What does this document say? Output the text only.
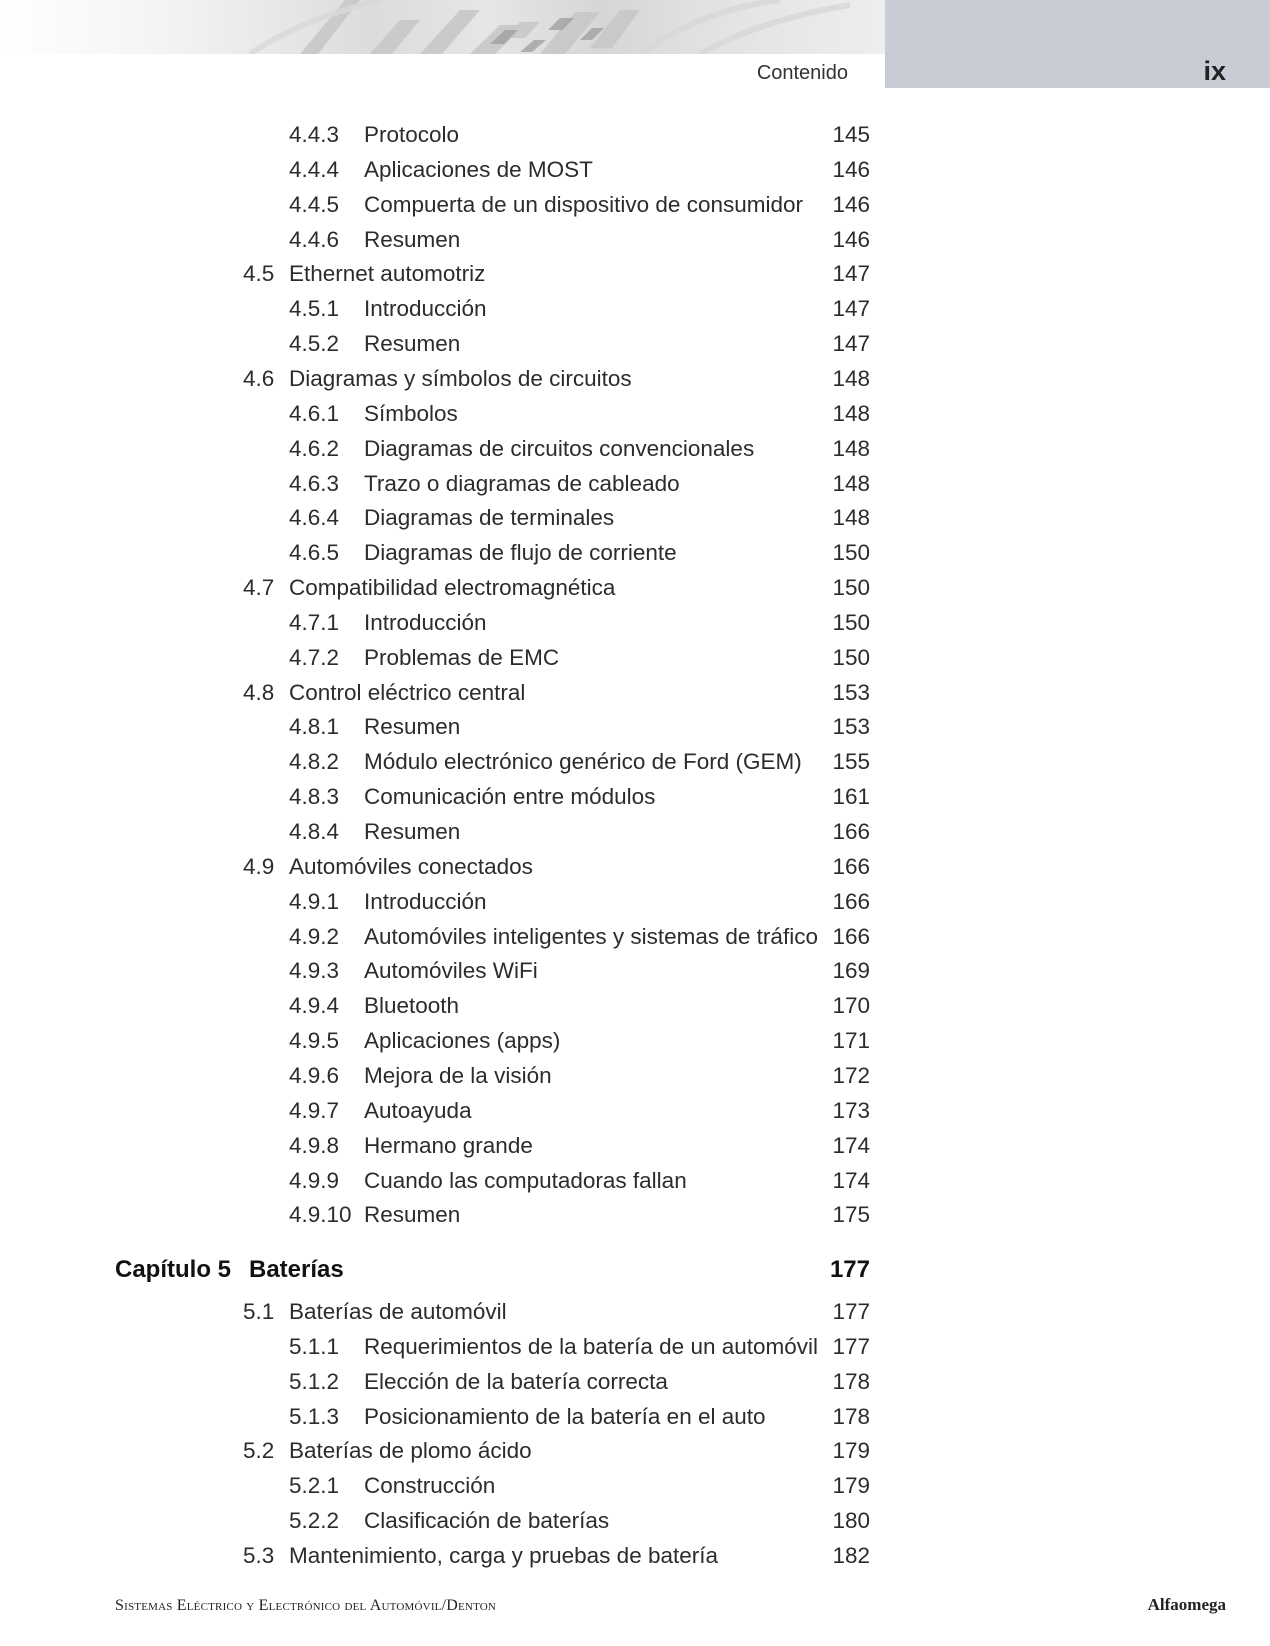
Contenido	ix
4.4.3 Protocolo	145
4.4.4 Aplicaciones de MOST	146
4.4.5 Compuerta de un dispositivo de consumidor	146
4.4.6 Resumen	146
4.5 Ethernet automotriz	147
4.5.1 Introducción	147
4.5.2 Resumen	147
4.6 Diagramas y símbolos de circuitos	148
4.6.1 Símbolos	148
4.6.2 Diagramas de circuitos convencionales	148
4.6.3 Trazo o diagramas de cableado	148
4.6.4 Diagramas de terminales	148
4.6.5 Diagramas de flujo de corriente	150
4.7 Compatibilidad electromagnética	150
4.7.1 Introducción	150
4.7.2 Problemas de EMC	150
4.8 Control eléctrico central	153
4.8.1 Resumen	153
4.8.2 Módulo electrónico genérico de Ford (GEM)	155
4.8.3 Comunicación entre módulos	161
4.8.4 Resumen	166
4.9 Automóviles conectados	166
4.9.1 Introducción	166
4.9.2 Automóviles inteligentes y sistemas de tráfico 166
4.9.3 Automóviles WiFi	169
4.9.4 Bluetooth	170
4.9.5 Aplicaciones (apps)	171
4.9.6 Mejora de la visión	172
4.9.7 Autoayuda	173
4.9.8 Hermano grande	174
4.9.9 Cuando las computadoras fallan	174
4.9.10 Resumen	175
Capítulo 5 Baterías	177
5.1 Baterías de automóvil	177
5.1.1 Requerimientos de la batería de un automóvil 177
5.1.2 Elección de la batería correcta	178
5.1.3 Posicionamiento de la batería en el auto	178
5.2 Baterías de plomo ácido	179
5.2.1 Construcción	179
5.2.2 Clasificación de baterías	180
5.3 Mantenimiento, carga y pruebas de batería	182
Sistemas Eléctrico y Electrónico del Automóvil/Denton	Alfaomega
